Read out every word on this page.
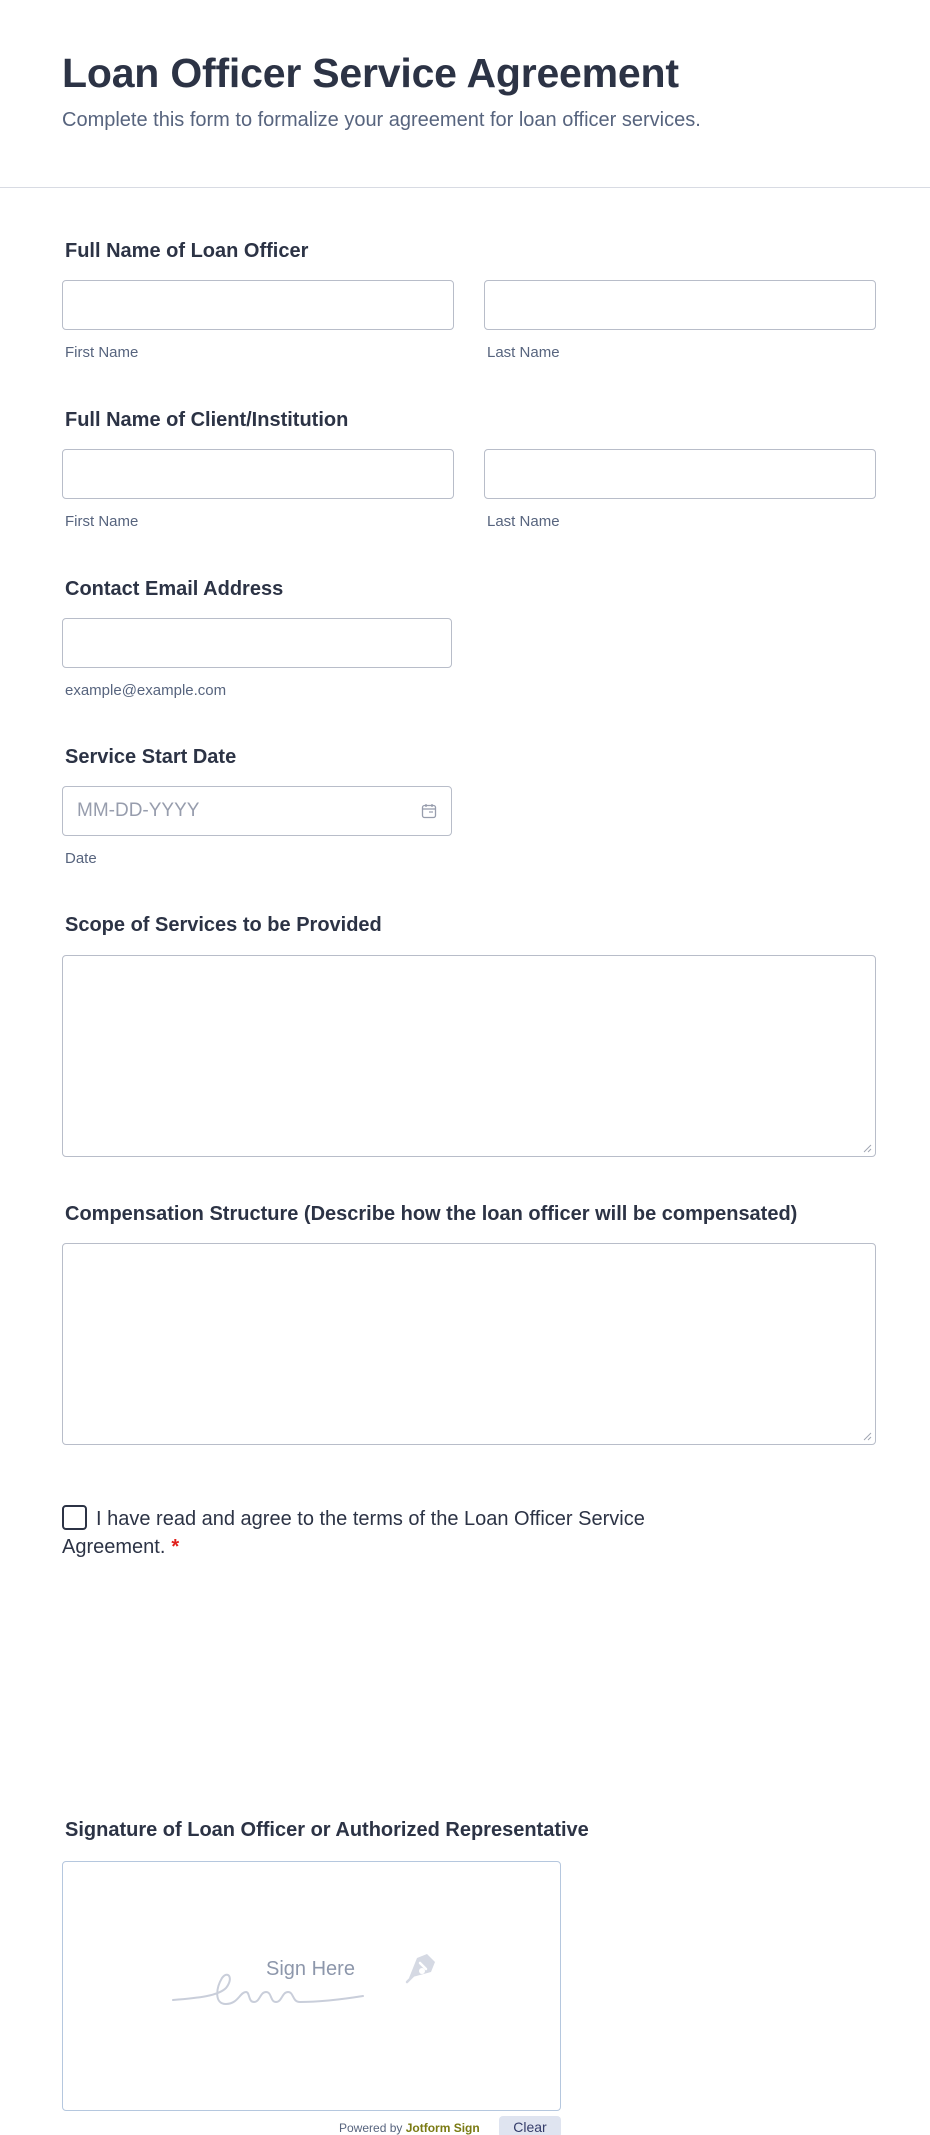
Loan Officer Service Agreement
Complete this form to formalize your agreement for loan officer services.
Full Name of Loan Officer
First Name	Last Name
Full Name of Client/Institution
First Name	Last Name
Contact Email Address
example@example.com
Service Start Date
MM-DD-YYYY
Date
Scope of Services to be Provided
Compensation Structure (Describe how the loan officer will be compensated)
I have read and agree to the terms of the Loan Officer Service Agreement. *
Signature of Loan Officer or Authorized Representative
Sign Here
Powered by Jotform Sign	Clear
